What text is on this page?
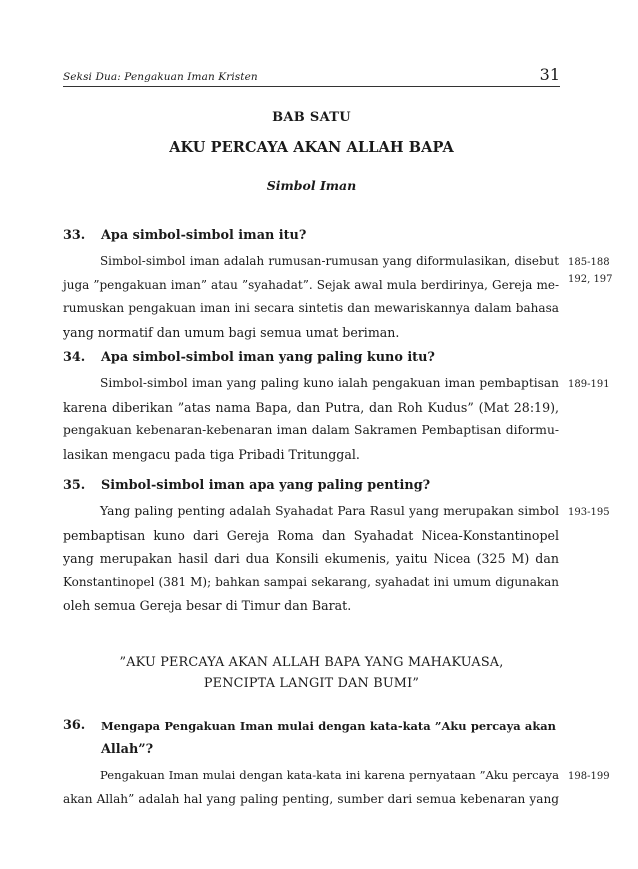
Seksi Dua: Pengakuan Iman Kristen	31
BAB SATU
AKU PERCAYA AKAN ALLAH BAPA
Simbol Iman
33. Apa simbol-simbol iman itu?
Simbol-simbol iman adalah rumusan-rumusan yang diformulasikan, disebut
juga ”pengakuan iman” atau ”syahadat”. Sejak awal mula berdirinya, Gereja me-
rumuskan pengakuan iman ini secara sintetis dan mewariskannya dalam bahasa
yang normatif dan umum bagi semua umat beriman.
185-188
192, 197
34. Apa simbol-simbol iman yang paling kuno itu?
Simbol-simbol iman yang paling kuno ialah pengakuan iman pembaptisan
karena diberikan ”atas nama Bapa, dan Putra, dan Roh Kudus” (Mat 28:19),
pengakuan kebenaran-kebenaran iman dalam Sakramen Pembaptisan diformu-
lasikan mengacu pada tiga Pribadi Tritunggal.
189-191
35. Simbol-simbol iman apa yang paling penting?
Yang paling penting adalah Syahadat Para Rasul yang merupakan simbol
pembaptisan kuno dari Gereja Roma dan Syahadat Nicea-Konstantinopel
yang merupakan hasil dari dua Konsili ekumenis, yaitu Nicea (325 M) dan
Konstantinopel (381 M); bahkan sampai sekarang, syahadat ini umum digunakan
oleh semua Gereja besar di Timur dan Barat.
193-195
”AKU PERCAYA AKAN ALLAH BAPA YANG MAHAKUASA,
PENCIPTA LANGIT DAN BUMI”
36. Mengapa Pengakuan Iman mulai dengan kata-kata ”Aku percaya akan
Allah”?
Pengakuan Iman mulai dengan kata-kata ini karena pernyataan ”Aku percaya
akan Allah” adalah hal yang paling penting, sumber dari semua kebenaran yang
198-199
